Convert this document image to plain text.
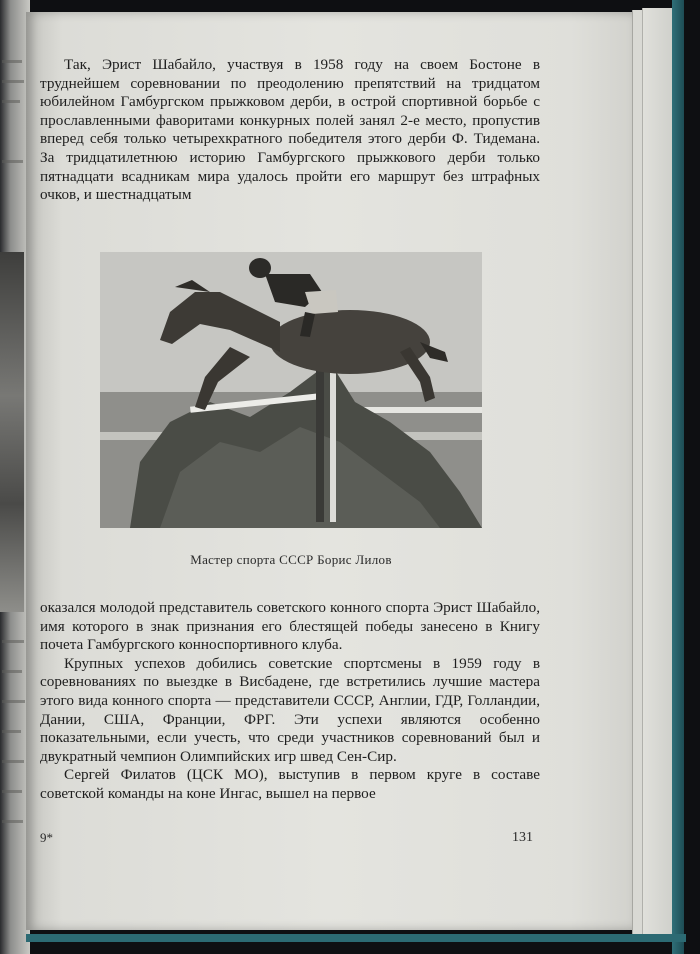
Так, Эрист Шабайло, участвуя в 1958 году на своем Бостоне в труднейшем соревновании по преодолению препятствий на тридцатом юбилейном Гамбургском прыжковом дерби, в острой спортивной борьбе с прославленными фаворитами конкурных полей занял 2-е место, пропустив вперед себя только четырехкратного победителя этого дерби Ф. Тидемана. За тридцатилетнюю историю Гамбургского прыжкового дерби только пятнадцати всадникам мира удалось пройти его маршрут без штрафных очков, и шестнадцатым

Мастер спорта СССР Борис Лилов

оказался молодой представитель советского конного спорта Эрист Шабайло, имя которого в знак признания его блестящей победы занесено в Книгу почета Гамбургского конноспортивного клуба.

Крупных успехов добились советские спортсмены в 1959 году в соревнованиях по выездке в Висбадене, где встретились лучшие мастера этого вида конного спорта — представители СССР, Англии, ГДР, Голландии, Дании, США, Франции, ФРГ. Эти успехи являются особенно показательными, если учесть, что среди участников соревнований был и двукратный чемпион Олимпийских игр швед Сен-Сир.

Сергей Филатов (ЦСК МО), выступив в первом круге в составе советской команды на коне Ингас, вышел на первое

9*	131
